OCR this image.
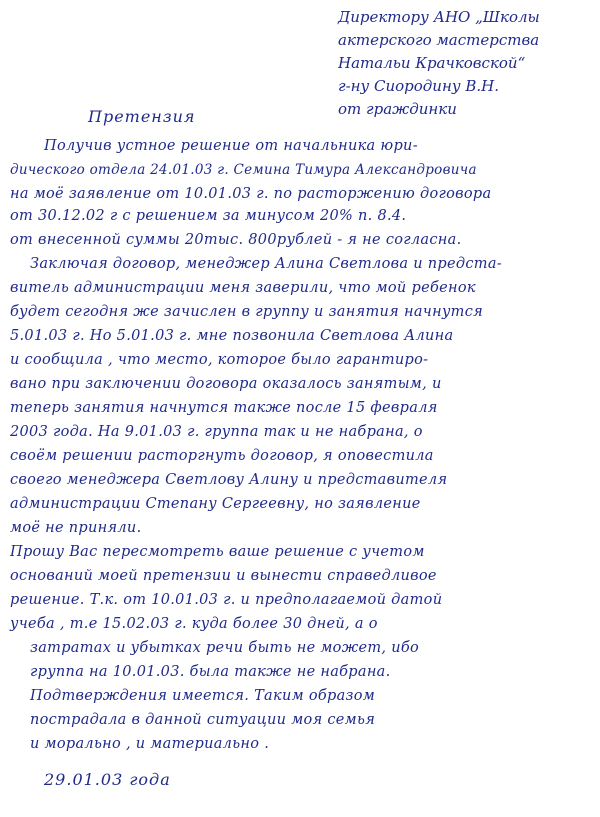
Директору АНО „Школы
актерского мастерства
Натальи Крачковской“
г-ну Сиородину В.Н.
от граждинки
Претензия
Получив устное решение от начальника юри-
дического отдела 24.01.03 г. Семина Тимура Александровича
на моё заявление от 10.01.03 г. по расторжению договора
от 30.12.02 г с решением за минусом 20% п. 8.4.
от внесенной суммы 20тыс. 800рублей - я не согласна.
Заключая договор, менеджер Алина Светлова и предста-
витель администрации меня заверили, что мой ребенок
будет сегодня же зачислен в группу и занятия начнутся
5.01.03 г. Но 5.01.03 г. мне позвонила Светлова Алина
и сообщила , что место, которое было гарантиро-
вано при заключении договора оказалось занятым, и
теперь занятия начнутся также после 15 февраля
2003 года. На 9.01.03 г. группа так и не набрана, о
своём решении расторгнуть договор, я оповестила
своего менеджера Светлову Алину и представителя
администрации Степану Сергеевну, но заявление
моё не приняли.
Прошу Вас пересмотреть ваше решение с учетом
оснований моей претензии и вынести справедливое
решение. Т.к. от 10.01.03 г. и предполагаемой датой
учеба , т.е 15.02.03 г. куда более 30 дней, а о
затратах и убытках речи быть не может, ибо
группа на 10.01.03. была также не набрана.
Подтверждения имеется. Таким образом
пострадала в данной ситуации моя семья
и морально , и материально .
29.01.03 года
